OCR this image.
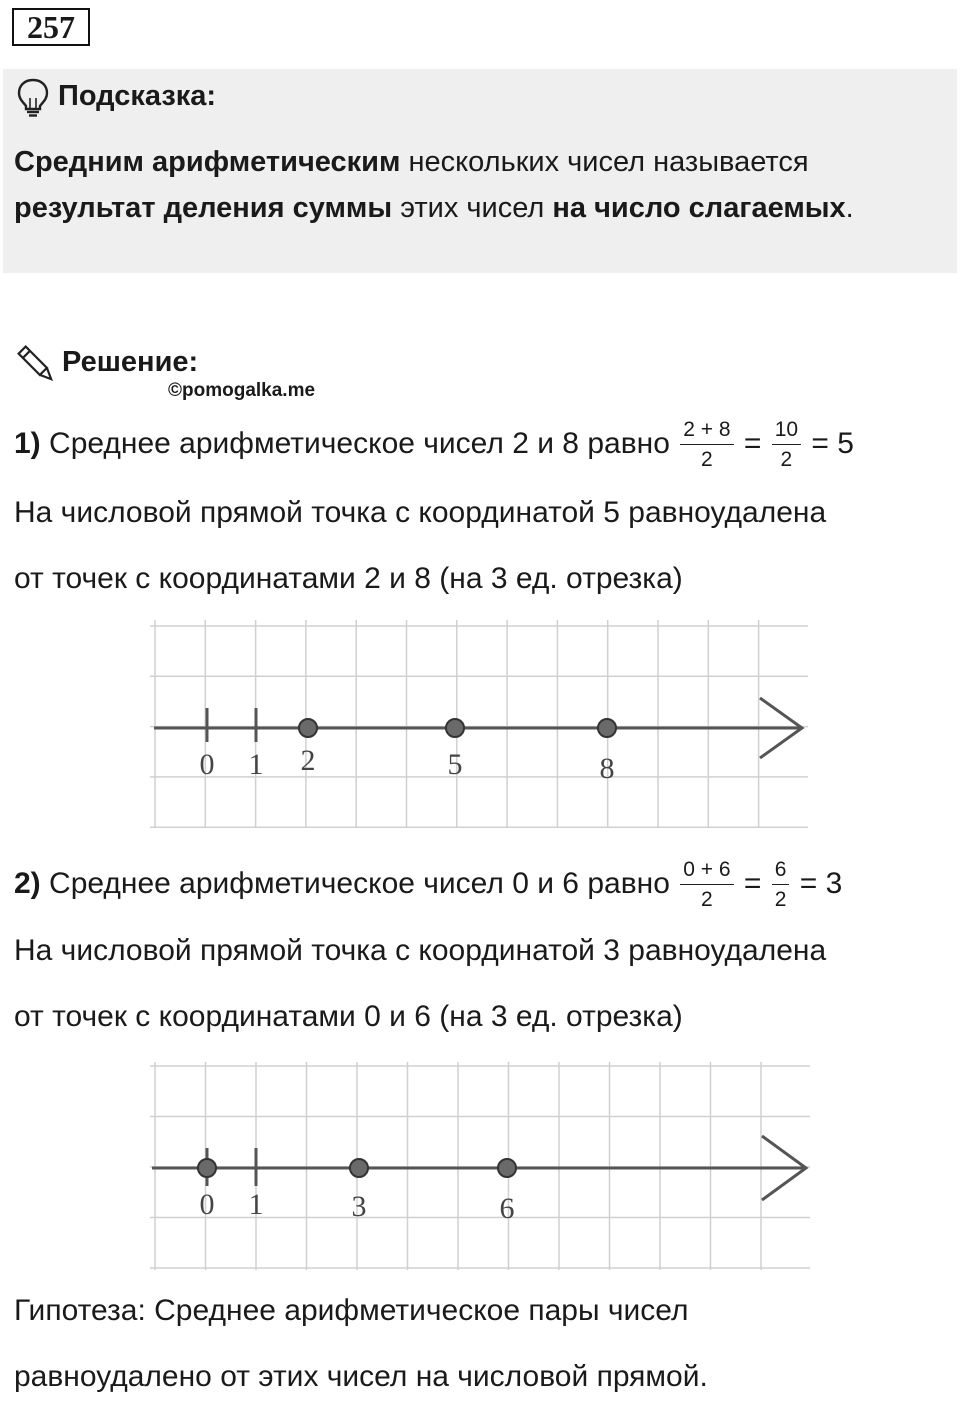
257
Подсказка:
Средним арифметическим нескольких чисел называется
результат деления суммы этих чисел на число слагаемых.
Решение:
©pomogalka.me
1) Среднее арифметическое чисел 2 и 8 равно $\frac{2 + 8}{2} = \frac{10}{2} = 5$
На числовой прямой точка с координатой 5 равноудалена
от точек с координатами 2 и 8 (на 3 ед. отрезка)
0 1 2	5	8
2) Среднее арифметическое чисел 0 и 6 равно $\frac{0 + 6}{2} = \frac{6}{2} = 3$
На числовой прямой точка с координатой 3 равноудалена
от точек с координатами 0 и 6 (на 3 ед. отрезка)
0 1	3	6
Гипотеза: Среднее арифметическое пары чисел
равноудалено от этих чисел на числовой прямой.
